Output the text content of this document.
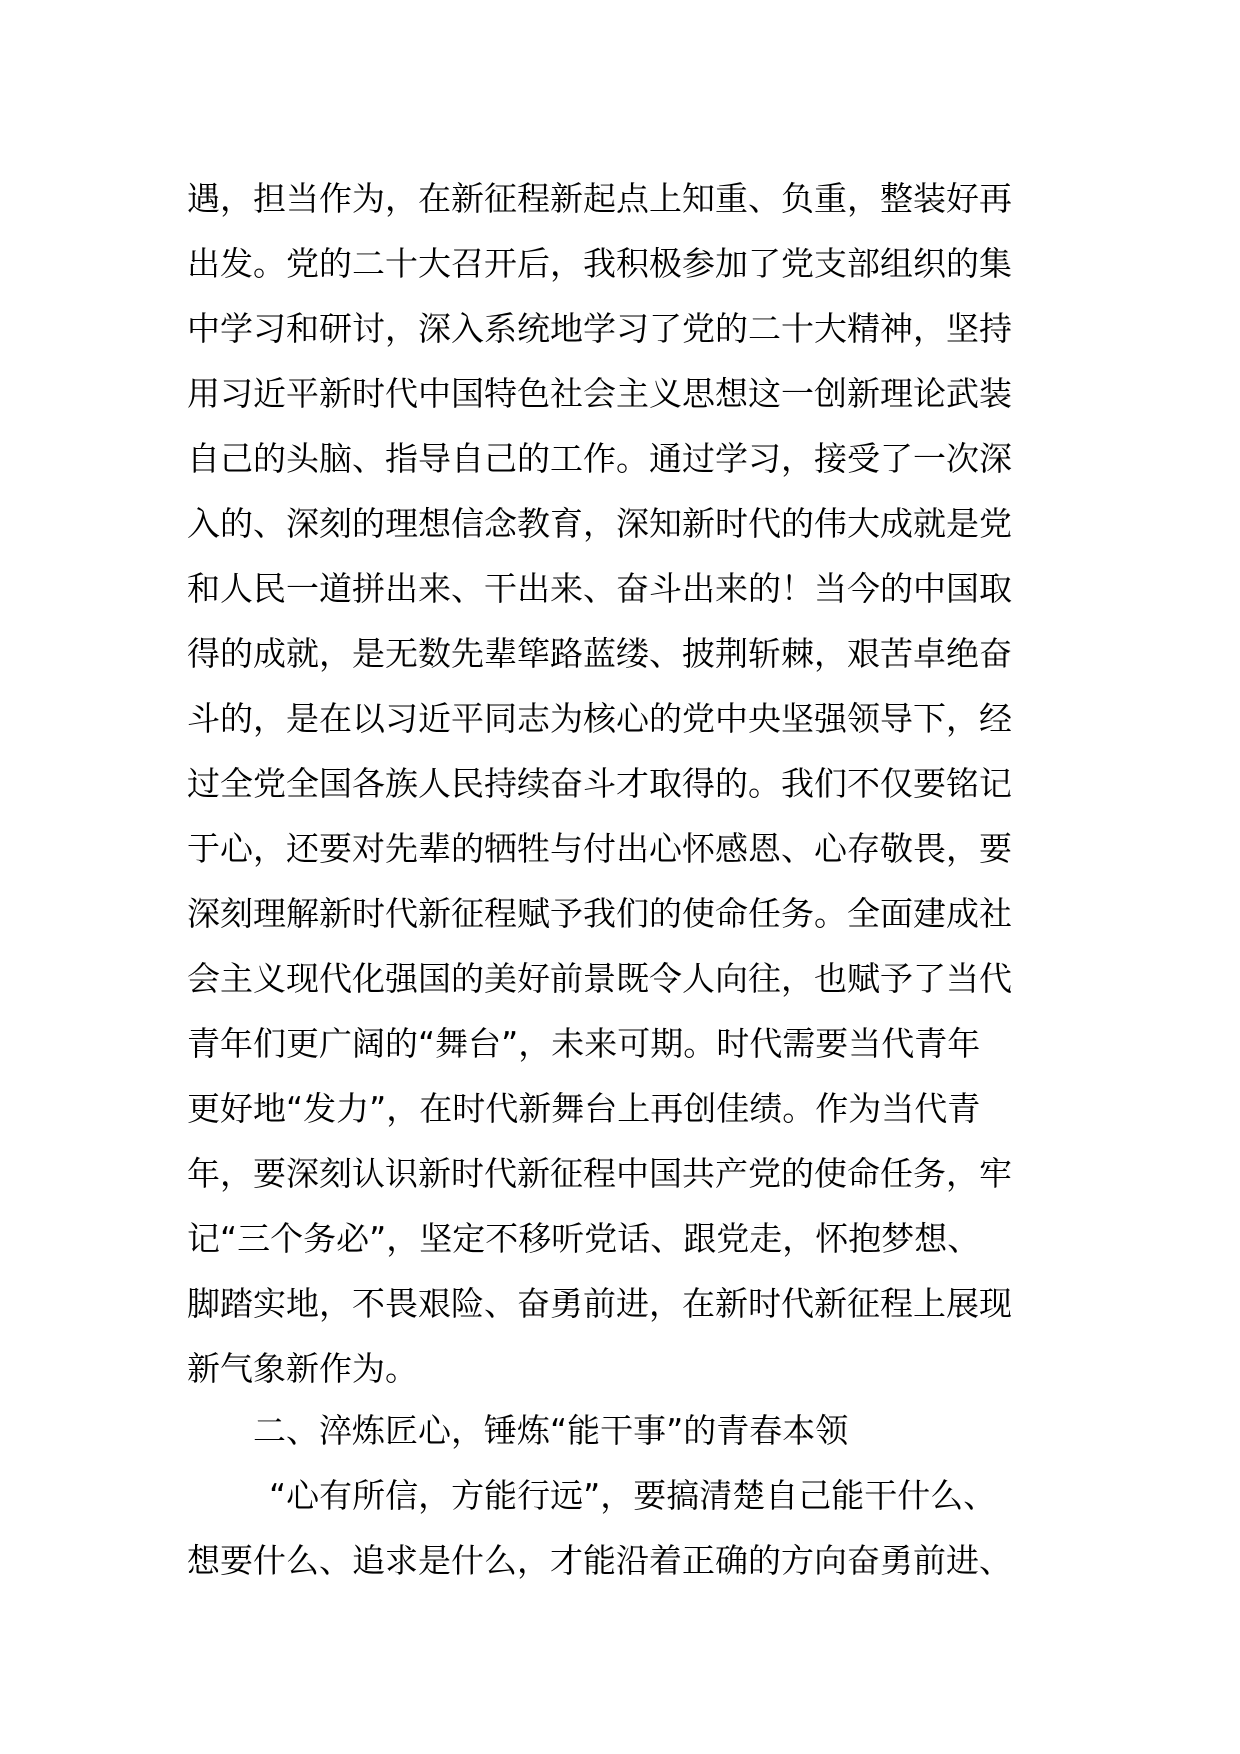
遇，担当作为，在新征程新起点上知重、负重，整装好再
出发。党的二十大召开后，我积极参加了党支部组织的集
中学习和研讨，深入系统地学习了党的二十大精神，坚持
用习近平新时代中国特色社会主义思想这一创新理论武装
自己的头脑、指导自己的工作。通过学习，接受了一次深
入的、深刻的理想信念教育，深知新时代的伟大成就是党
和人民一道拼出来、干出来、奋斗出来的！当今的中国取
得的成就，是无数先辈筚路蓝缕、披荆斩棘，艰苦卓绝奋
斗的，是在以习近平同志为核心的党中央坚强领导下，经
过全党全国各族人民持续奋斗才取得的。我们不仅要铭记
于心，还要对先辈的牺牲与付出心怀感恩、心存敬畏，要
深刻理解新时代新征程赋予我们的使命任务。全面建成社
会主义现代化强国的美好前景既令人向往，也赋予了当代
青年们更广阔的“舞台”，未来可期。时代需要当代青年
更好地“发力”，在时代新舞台上再创佳绩。作为当代青
年，要深刻认识新时代新征程中国共产党的使命任务，牢
记“三个务必”，坚定不移听党话、跟党走，怀抱梦想、
脚踏实地，不畏艰险、奋勇前进，在新时代新征程上展现
新气象新作为。
二、淬炼匠心，锤炼“能干事”的青春本领
“心有所信，方能行远”，要搞清楚自己能干什么、
想要什么、追求是什么，才能沿着正确的方向奋勇前进、
